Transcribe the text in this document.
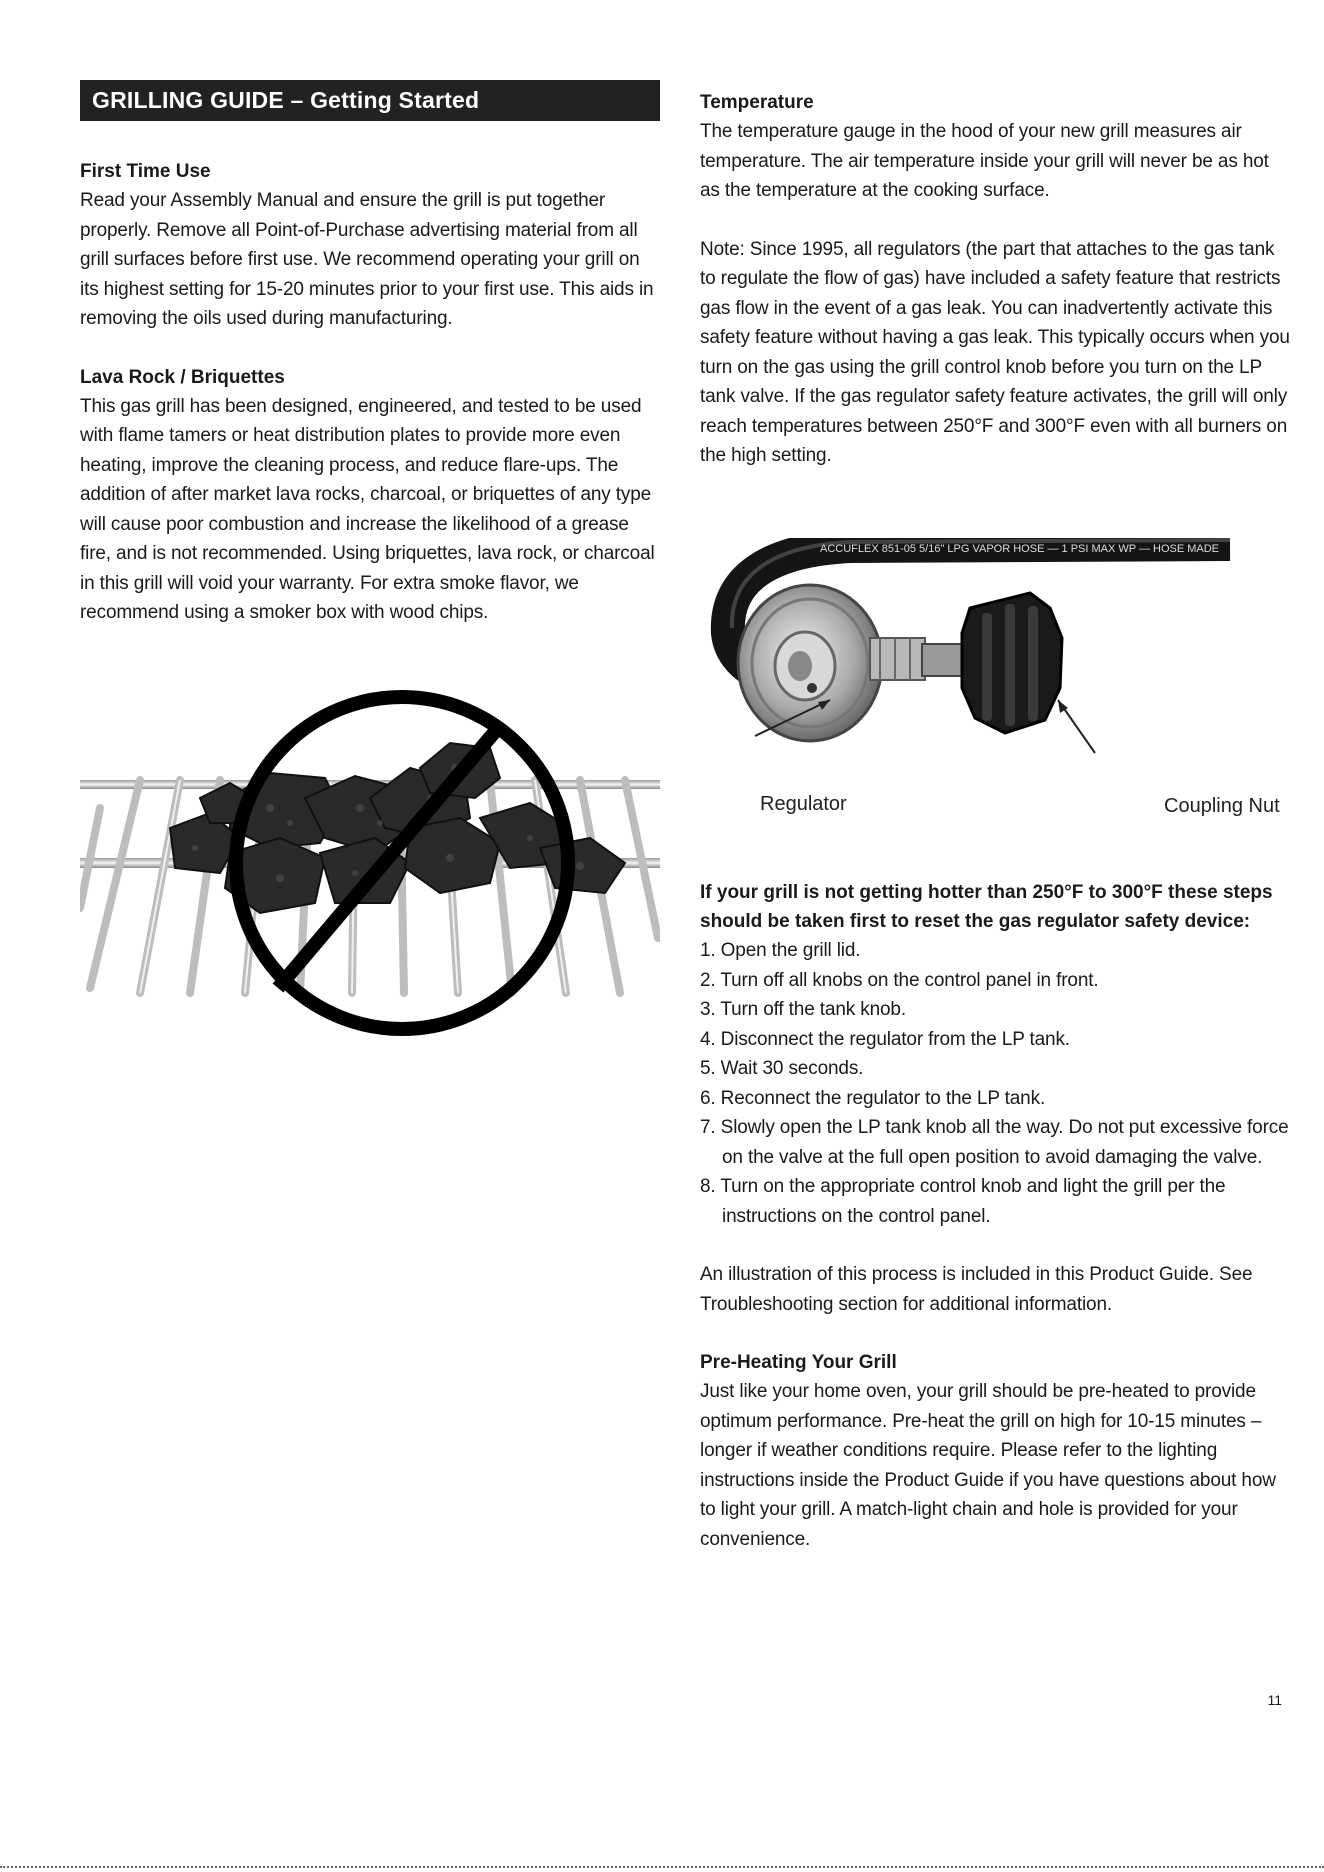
GRILLING GUIDE – Getting Started
First Time Use

Read your Assembly Manual and ensure the grill is put together properly. Remove all Point-of-Purchase advertising material from all grill surfaces before first use. We recommend operating your grill on its highest setting for 15-20 minutes prior to your first use. This aids in removing the oils used during manufacturing.

Lava Rock / Briquettes

This gas grill has been designed, engineered, and tested to be used with flame tamers or heat distribution plates to provide more even heating, improve the cleaning process, and reduce flare-ups. The addition of after market lava rocks, charcoal, or briquettes of any type will cause poor combustion and increase the likelihood of a grease fire, and is not recommended. Using briquettes, lava rock, or charcoal in this grill will void your warranty. For extra smoke flavor, we recommend using a smoker box with wood chips.

Temperature

The temperature gauge in the hood of your new grill measures air temperature. The air temperature inside your grill will never be as hot as the temperature at the cooking surface.

Note: Since 1995, all regulators (the part that attaches to the gas tank to regulate the flow of gas) have included a safety feature that restricts gas flow in the event of a gas leak. You can inadvertently activate this safety feature without having a gas leak. This typically occurs when you turn on the gas using the grill control knob before you turn on the LP tank valve. If the gas regulator safety feature activates, the grill will only reach temperatures between 250°F and 300°F even with all burners on the high setting.

ACCUFLEX 851-05 5/16" LPG VAPOR HOSE — 1 PSI MAX WP — HOSE MADE
Regulator	Coupling Nut
If your grill is not getting hotter than 250°F to 300°F these steps should be taken first to reset the gas regulator safety device:
1. Open the grill lid.
2. Turn off all knobs on the control panel in front.
3. Turn off the tank knob.
4. Disconnect the regulator from the LP tank.
5. Wait 30 seconds.
6. Reconnect the regulator to the LP tank.
7. Slowly open the LP tank knob all the way. Do not put excessive force on the valve at the full open position to avoid damaging the valve.
8. Turn on the appropriate control knob and light the grill per the instructions on the control panel.

An illustration of this process is included in this Product Guide. See Troubleshooting section for additional information.

Pre-Heating Your Grill

Just like your home oven, your grill should be pre-heated to provide optimum performance. Pre-heat the grill on high for 10-15 minutes – longer if weather conditions require. Please refer to the lighting instructions inside the Product Guide if you have questions about how to light your grill. A match-light chain and hole is provided for your convenience.

11
